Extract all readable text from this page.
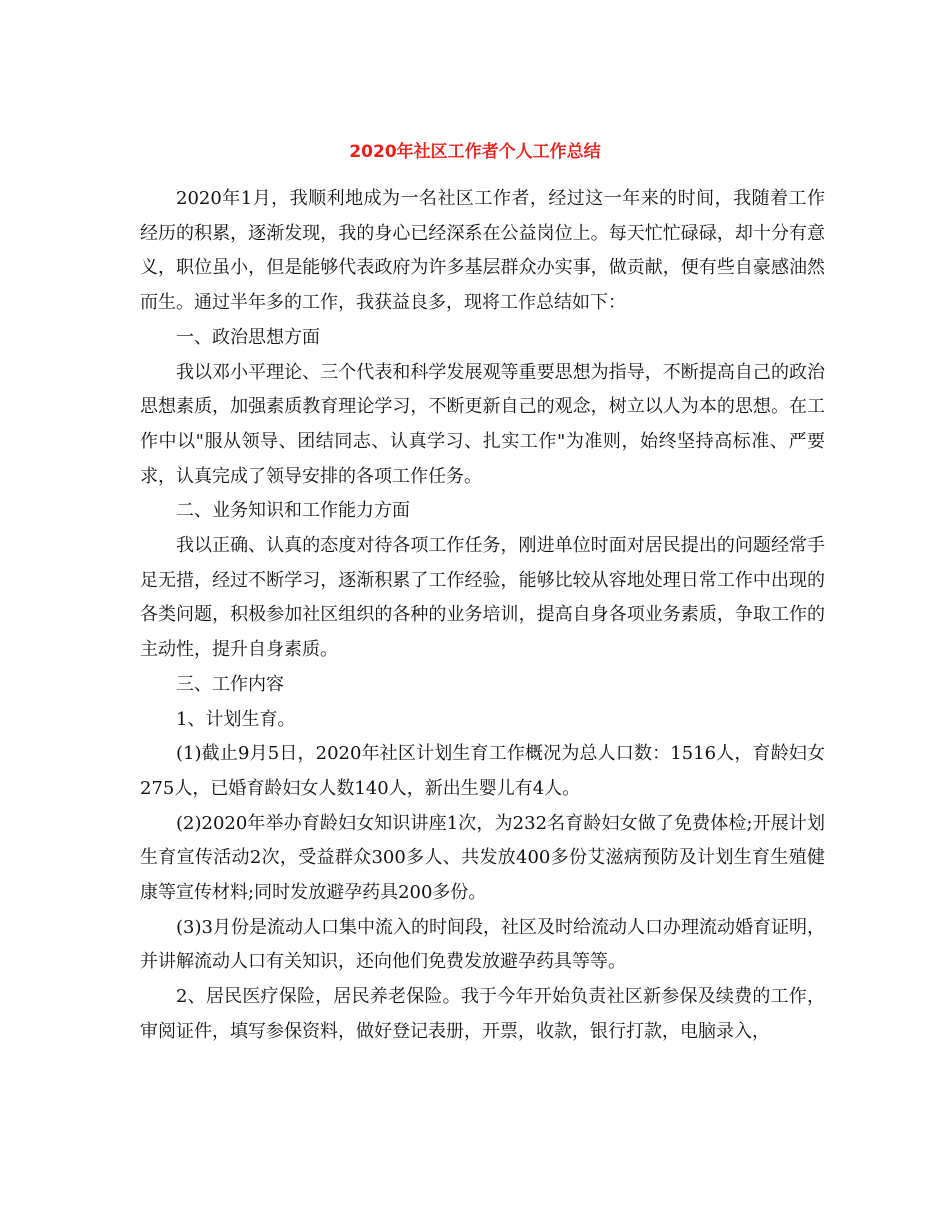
2020年社区工作者个人工作总结

2020年1月，我顺利地成为一名社区工作者，经过这一年来的时间，我随着工作经历的积累，逐渐发现，我的身心已经深系在公益岗位上。每天忙忙碌碌，却十分有意义，职位虽小，但是能够代表政府为许多基层群众办实事，做贡献，便有些自豪感油然而生。通过半年多的工作，我获益良多，现将工作总结如下：

一、政治思想方面

我以邓小平理论、三个代表和科学发展观等重要思想为指导，不断提高自己的政治思想素质，加强素质教育理论学习，不断更新自己的观念，树立以人为本的思想。在工作中以"服从领导、团结同志、认真学习、扎实工作"为准则，始终坚持高标准、严要求，认真完成了领导安排的各项工作任务。

二、业务知识和工作能力方面

我以正确、认真的态度对待各项工作任务，刚进单位时面对居民提出的问题经常手足无措，经过不断学习，逐渐积累了工作经验，能够比较从容地处理日常工作中出现的各类问题，积极参加社区组织的各种的业务培训，提高自身各项业务素质，争取工作的主动性，提升自身素质。

三、工作内容

1、计划生育。

(1)截止9月5日，2020年社区计划生育工作概况为总人口数：1516人，育龄妇女275人，已婚育龄妇女人数140人，新出生婴儿有4人。

(2)2020年举办育龄妇女知识讲座1次，为232名育龄妇女做了免费体检;开展计划生育宣传活动2次，受益群众300多人、共发放400多份艾滋病预防及计划生育生殖健康等宣传材料;同时发放避孕药具200多份。

(3)3月份是流动人口集中流入的时间段，社区及时给流动人口办理流动婚育证明，并讲解流动人口有关知识，还向他们免费发放避孕药具等等。

2、居民医疗保险，居民养老保险。我于今年开始负责社区新参保及续费的工作，审阅证件，填写参保资料，做好登记表册，开票，收款，银行打款，电脑录入，
